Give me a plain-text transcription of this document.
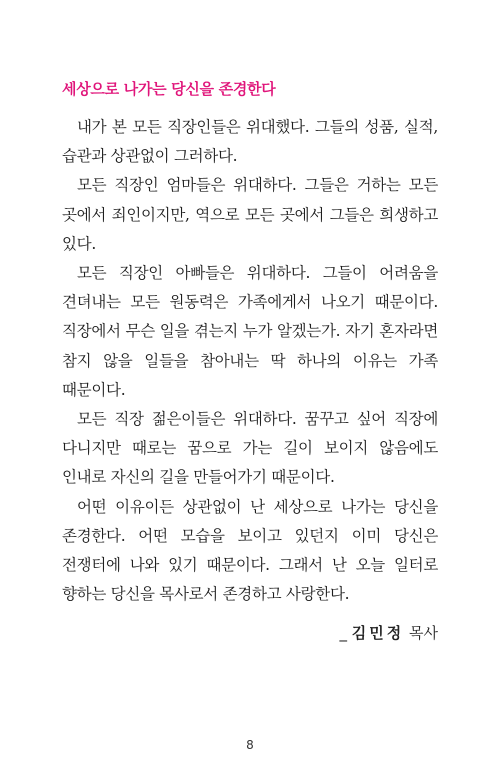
세상으로 나가는 당신을 존경한다

내가 본 모든 직장인들은 위대했다. 그들의 성품, 실적, 습관과 상관없이 그러하다.

모든 직장인 엄마들은 위대하다. 그들은 거하는 모든 곳에서 죄인이지만, 역으로 모든 곳에서 그들은 희생하고 있다.

모든 직장인 아빠들은 위대하다. 그들이 어려움을 견뎌내는 모든 원동력은 가족에게서 나오기 때문이다. 직장에서 무슨 일을 겪는지 누가 알겠는가. 자기 혼자라면 참지 않을 일들을 참아내는 딱 하나의 이유는 가족 때문이다.

모든 직장 젊은이들은 위대하다. 꿈꾸고 싶어 직장에 다니지만 때로는 꿈으로 가는 길이 보이지 않음에도 인내로 자신의 길을 만들어가기 때문이다.

어떤 이유이든 상관없이 난 세상으로 나가는 당신을 존경한다. 어떤 모습을 보이고 있던지 이미 당신은 전쟁터에 나와 있기 때문이다. 그래서 난 오늘 일터로 향하는 당신을 목사로서 존경하고 사랑한다.

_ 김민정 목사
8
